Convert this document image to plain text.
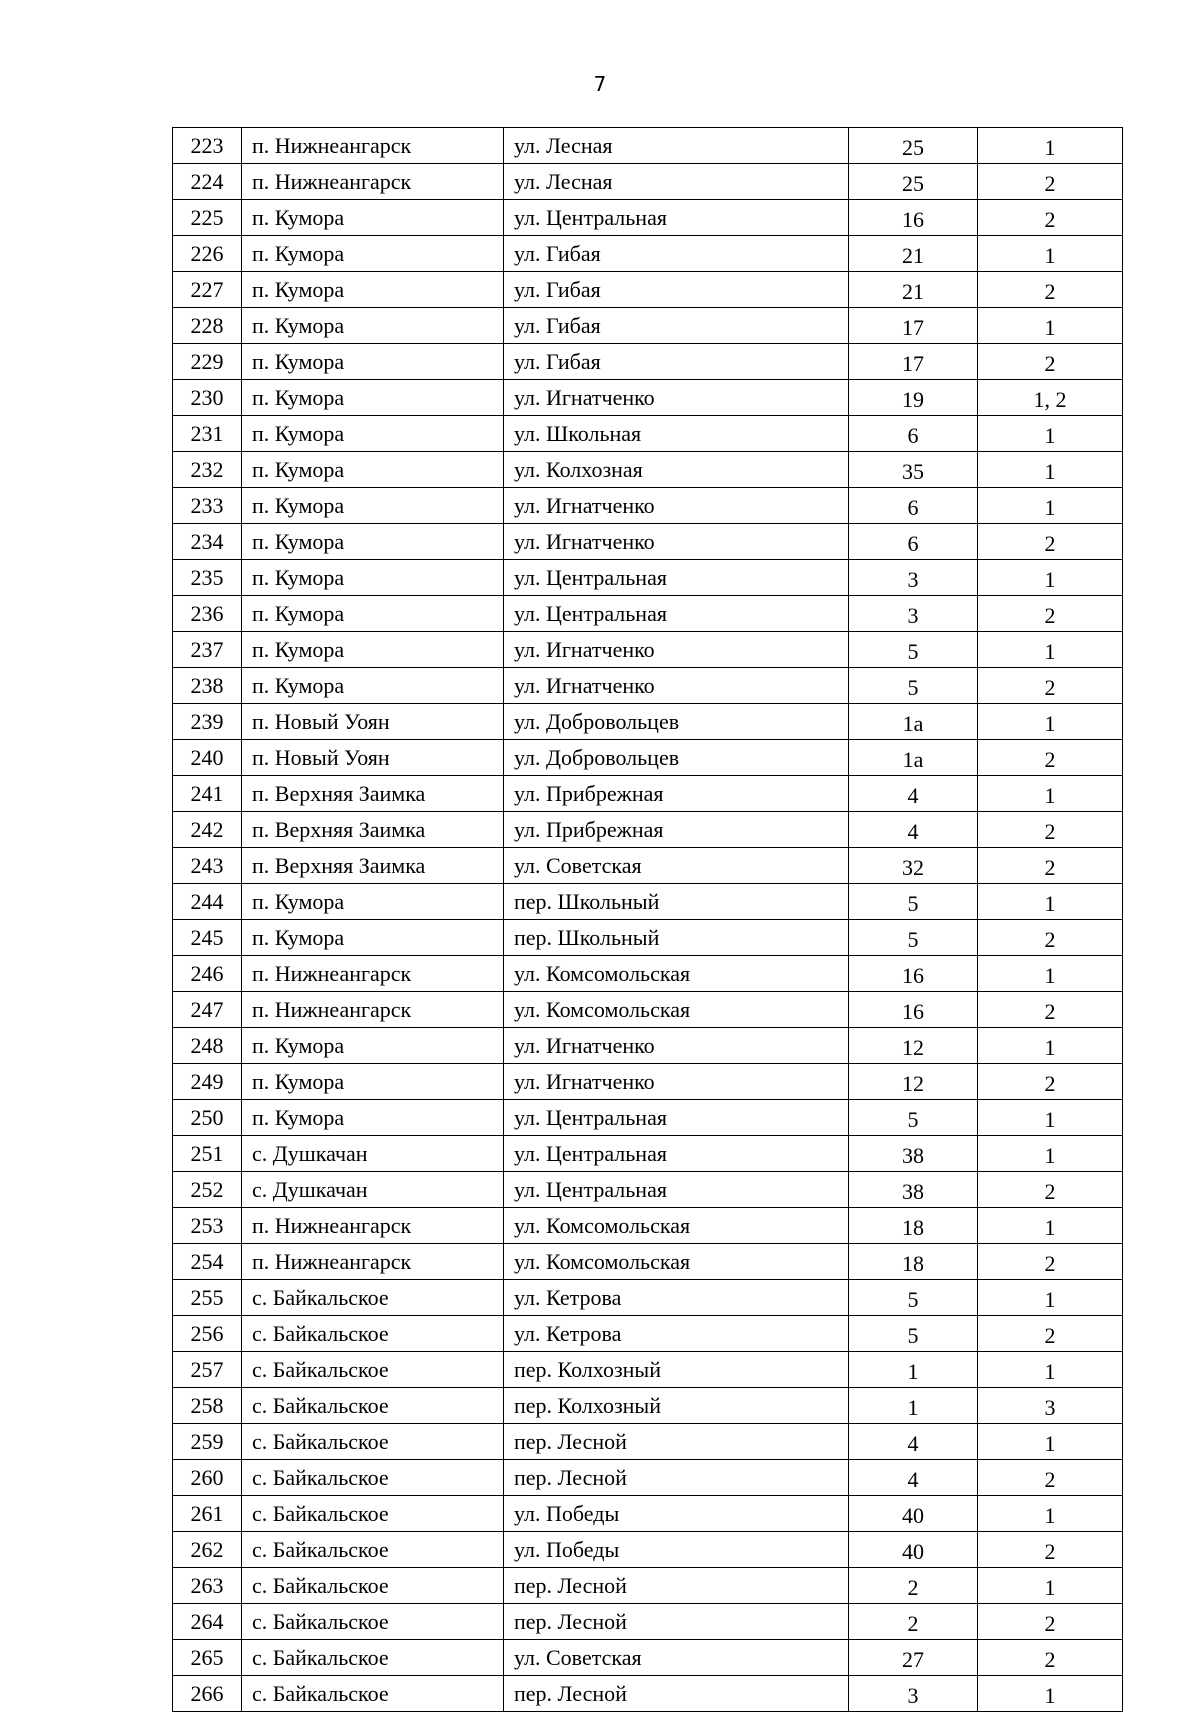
7
223	п. Нижнеангарск	ул. Лесная	25	1
224	п. Нижнеангарск	ул. Лесная	25	2
225	п. Кумора	ул. Центральная	16	2
226	п. Кумора	ул. Гибая	21	1
227	п. Кумора	ул. Гибая	21	2
228	п. Кумора	ул. Гибая	17	1
229	п. Кумора	ул. Гибая	17	2
230	п. Кумора	ул. Игнатченко	19	1, 2
231	п. Кумора	ул. Школьная	6	1
232	п. Кумора	ул. Колхозная	35	1
233	п. Кумора	ул. Игнатченко	6	1
234	п. Кумора	ул. Игнатченко	6	2
235	п. Кумора	ул. Центральная	3	1
236	п. Кумора	ул. Центральная	3	2
237	п. Кумора	ул. Игнатченко	5	1
238	п. Кумора	ул. Игнатченко	5	2
239	п. Новый Уоян	ул. Добровольцев	1а	1
240	п. Новый Уоян	ул. Добровольцев	1а	2
241	п. Верхняя Заимка	ул. Прибрежная	4	1
242	п. Верхняя Заимка	ул. Прибрежная	4	2
243	п. Верхняя Заимка	ул. Советская	32	2
244	п. Кумора	пер. Школьный	5	1
245	п. Кумора	пер. Школьный	5	2
246	п. Нижнеангарск	ул. Комсомольская	16	1
247	п. Нижнеангарск	ул. Комсомольская	16	2
248	п. Кумора	ул. Игнатченко	12	1
249	п. Кумора	ул. Игнатченко	12	2
250	п. Кумора	ул. Центральная	5	1
251	с. Душкачан	ул. Центральная	38	1
252	с. Душкачан	ул. Центральная	38	2
253	п. Нижнеангарск	ул. Комсомольская	18	1
254	п. Нижнеангарск	ул. Комсомольская	18	2
255	с. Байкальское	ул. Кетрова	5	1
256	с. Байкальское	ул. Кетрова	5	2
257	с. Байкальское	пер. Колхозный	1	1
258	с. Байкальское	пер. Колхозный	1	3
259	с. Байкальское	пер. Лесной	4	1
260	с. Байкальское	пер. Лесной	4	2
261	с. Байкальское	ул. Победы	40	1
262	с. Байкальское	ул. Победы	40	2
263	с. Байкальское	пер. Лесной	2	1
264	с. Байкальское	пер. Лесной	2	2
265	с. Байкальское	ул. Советская	27	2
266	с. Байкальское	пер. Лесной	3	1
